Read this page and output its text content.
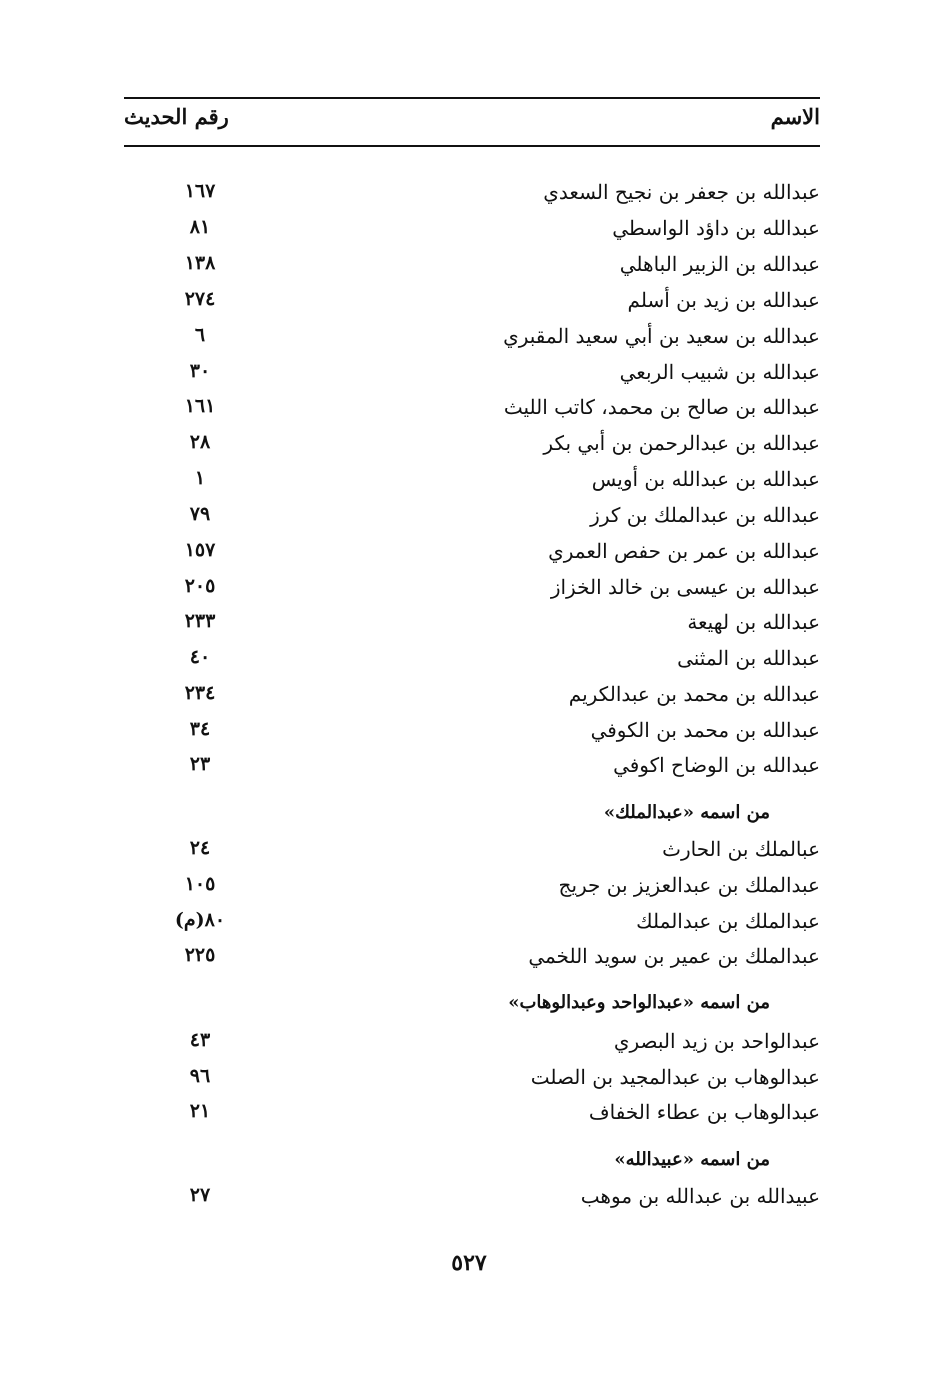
الاسم
رقم الحديث
عبدالله بن جعفر بن نجيح السعدي
١٦٧
عبدالله بن داؤد الواسطي
٨١
عبدالله بن الزبير الباهلي
١٣٨
عبدالله بن زيد بن أسلم
٢٧٤
عبدالله بن سعيد بن أبي سعيد المقبري
٦
عبدالله بن شبيب الربعي
٣٠
عبدالله بن صالح بن محمد، كاتب الليث
١٦١
عبدالله بن عبدالرحمن بن أبي بكر
٢٨
عبدالله بن عبدالله بن أويس
١
عبدالله بن عبدالملك بن كرز
٧٩
عبدالله بن عمر بن حفص العمري
١٥٧
عبدالله بن عيسى بن خالد الخزاز
٢٠٥
عبدالله بن لهيعة
٢٣٣
عبدالله بن المثنى
٤٠
عبدالله بن محمد بن عبدالكريم
٢٣٤
عبدالله بن محمد بن الكوفي
٣٤
عبدالله بن الوضاح اكوفي
٢٣
من اسمه «عبدالملك»
عبالملك بن الحارث
٢٤
عبدالملك بن عبدالعزيز بن جريج
١٠٥
عبدالملك بن عبدالملك
٨٠(م)
عبدالملك بن عمير بن سويد اللخمي
٢٢٥
من اسمه «عبدالواحد وعبدالوهاب»
عبدالواحد بن زيد البصري
٤٣
عبدالوهاب بن عبدالمجيد بن الصلت
٩٦
عبدالوهاب بن عطاء الخفاف
٢١
من اسمه «عبيدالله»
عبيدالله بن عبدالله بن موهب
٢٧
٥٢٧
